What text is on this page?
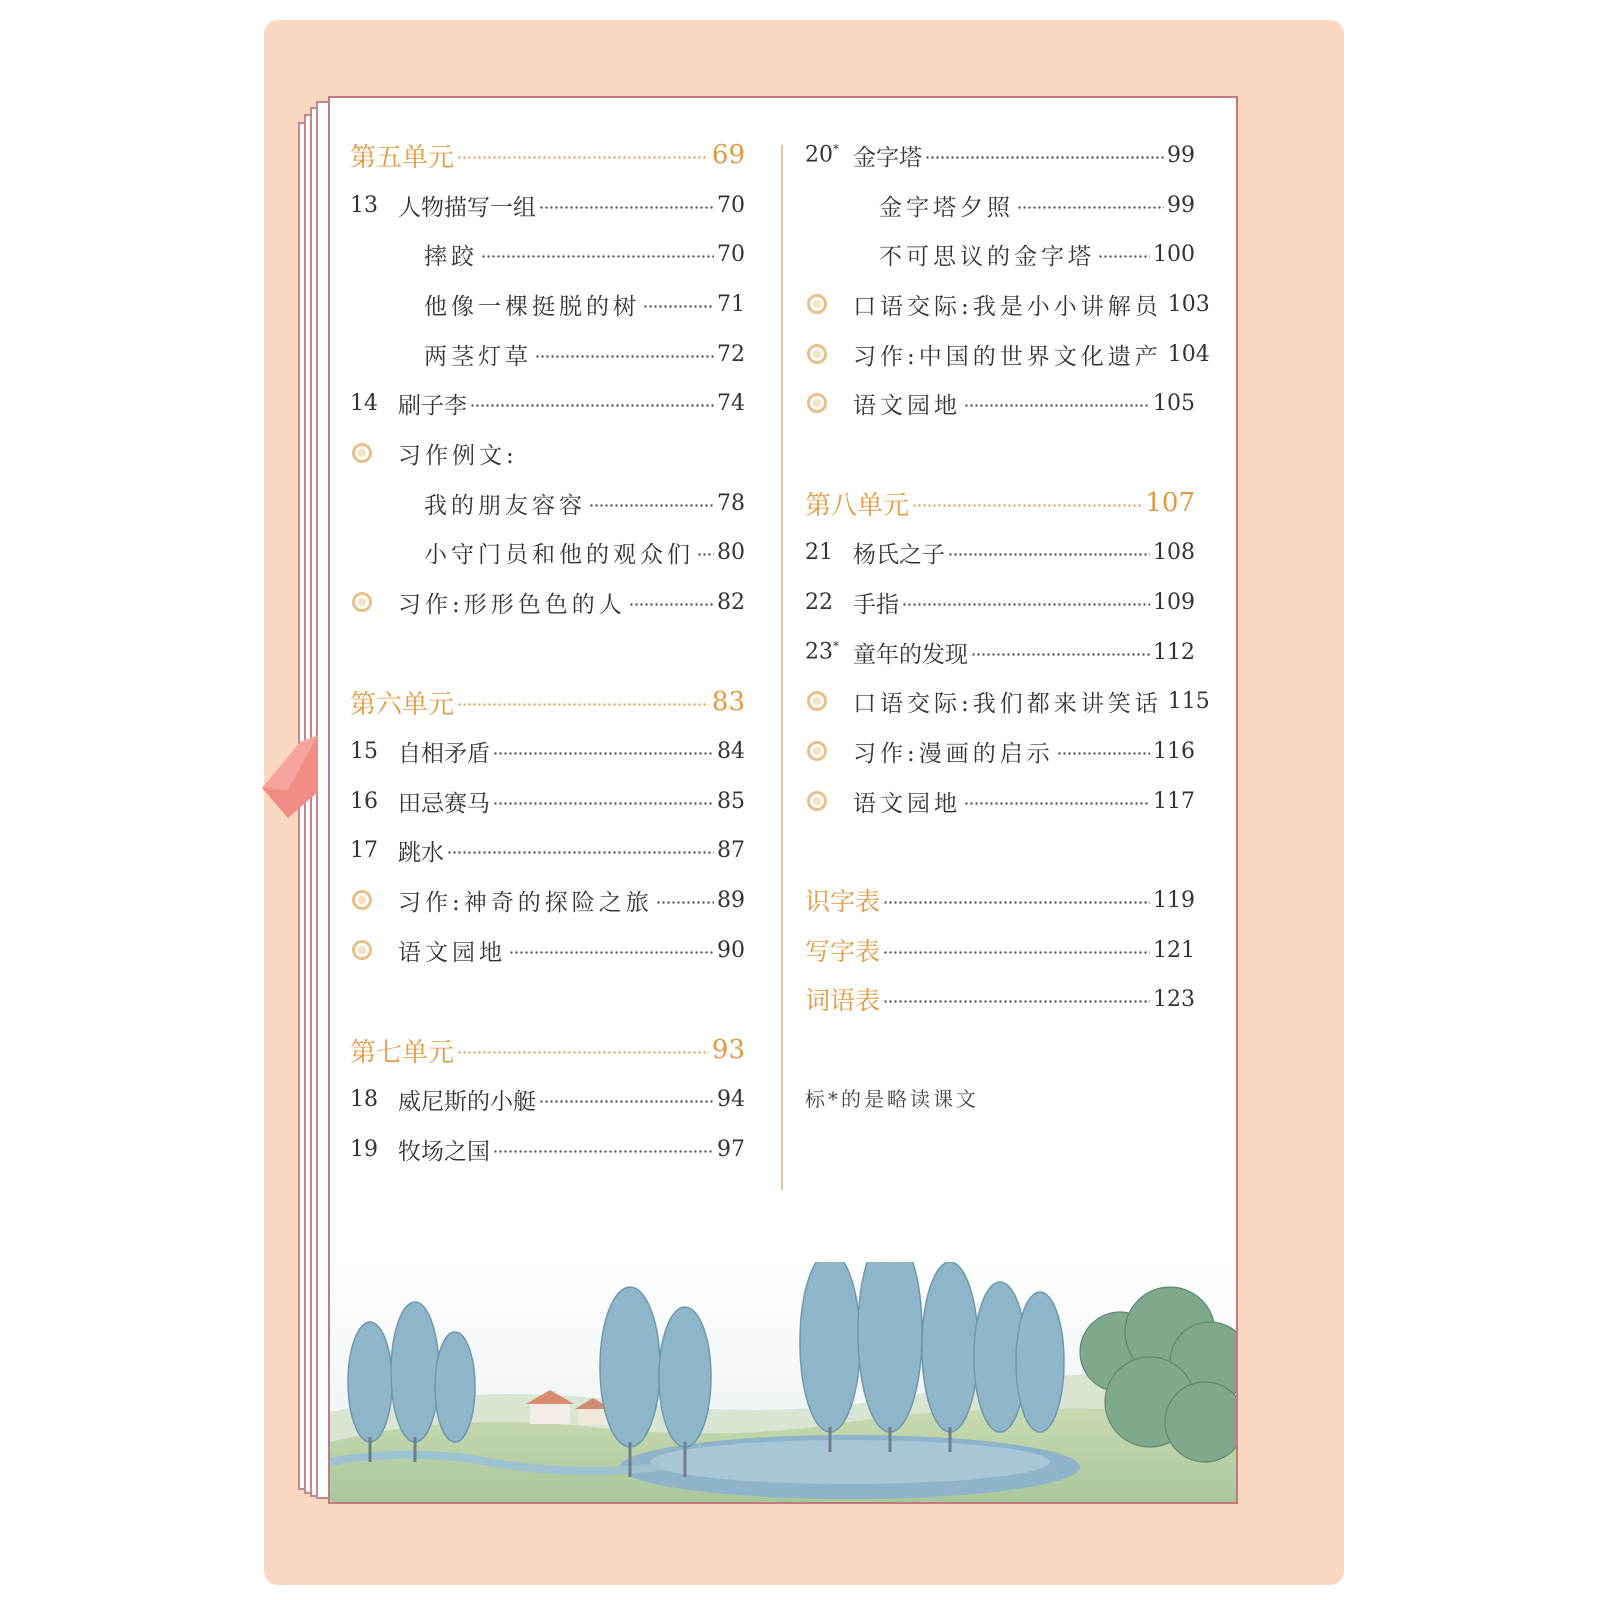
第五单元	69
13 人物描写一组	70
摔跤	70
他像一棵挺脱的树	71
两茎灯草	72
14 刷子李	74
习作例文:
我的朋友容容	78
小守门员和他的观众们 80
习作:形形色色的人	82
第六单元	83
15 自相矛盾	84
16 田忌赛马	85
17 跳水	87
习作:神奇的探险之旅	89
语文园地	90
第七单元	93
18 威尼斯的小艇	94
19 牧场之国	97
20* 金字塔	99
金字塔夕照	99
不可思议的金字塔	100
口语交际:我是小小讲解员 103
习作:中国的世界文化遗产 104
语文园地	105
第八单元	107
21 杨氏之子	108
22 手指	109
23* 童年的发现	112
口语交际:我们都来讲笑话 115
习作:漫画的启示	116
语文园地	117
识字表	119
写字表	121
词语表	123
标*的是略读课文
